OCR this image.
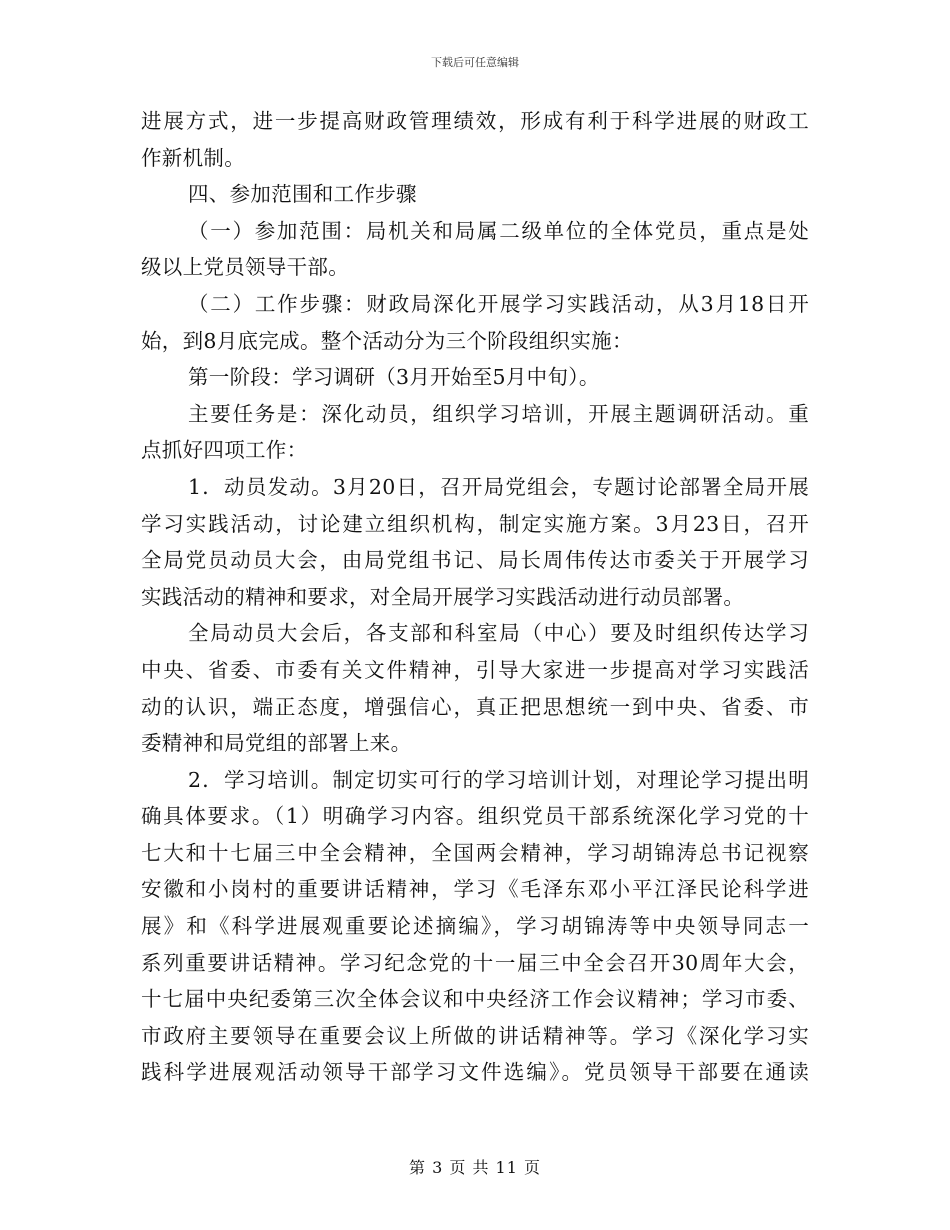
下载后可任意编辑
进展方式，进一步提高财政管理绩效，形成有利于科学进展的财政工
作新机制。
四、参加范围和工作步骤
（一）参加范围：局机关和局属二级单位的全体党员，重点是处
级以上党员领导干部。
（二）工作步骤：财政局深化开展学习实践活动，从3月18日开
始，到8月底完成。整个活动分为三个阶段组织实施：
第一阶段：学习调研（3月开始至5月中旬）。
主要任务是：深化动员，组织学习培训，开展主题调研活动。重
点抓好四项工作：
1．动员发动。3月20日，召开局党组会，专题讨论部署全局开展
学习实践活动，讨论建立组织机构，制定实施方案。3月23日，召开
全局党员动员大会，由局党组书记、局长周伟传达市委关于开展学习
实践活动的精神和要求，对全局开展学习实践活动进行动员部署。
全局动员大会后，各支部和科室局（中心）要及时组织传达学习
中央、省委、市委有关文件精神，引导大家进一步提高对学习实践活
动的认识，端正态度，增强信心，真正把思想统一到中央、省委、市
委精神和局党组的部署上来。
2．学习培训。制定切实可行的学习培训计划，对理论学习提出明
确具体要求。（1）明确学习内容。组织党员干部系统深化学习党的十
七大和十七届三中全会精神，全国两会精神，学习胡锦涛总书记视察
安徽和小岗村的重要讲话精神，学习《毛泽东邓小平江泽民论科学进
展》和《科学进展观重要论述摘编》，学习胡锦涛等中央领导同志一
系列重要讲话精神。学习纪念党的十一届三中全会召开30周年大会，
十七届中央纪委第三次全体会议和中央经济工作会议精神；学习市委、
市政府主要领导在重要会议上所做的讲话精神等。学习《深化学习实
践科学进展观活动领导干部学习文件选编》。党员领导干部要在通读
第 3 页 共 11 页
